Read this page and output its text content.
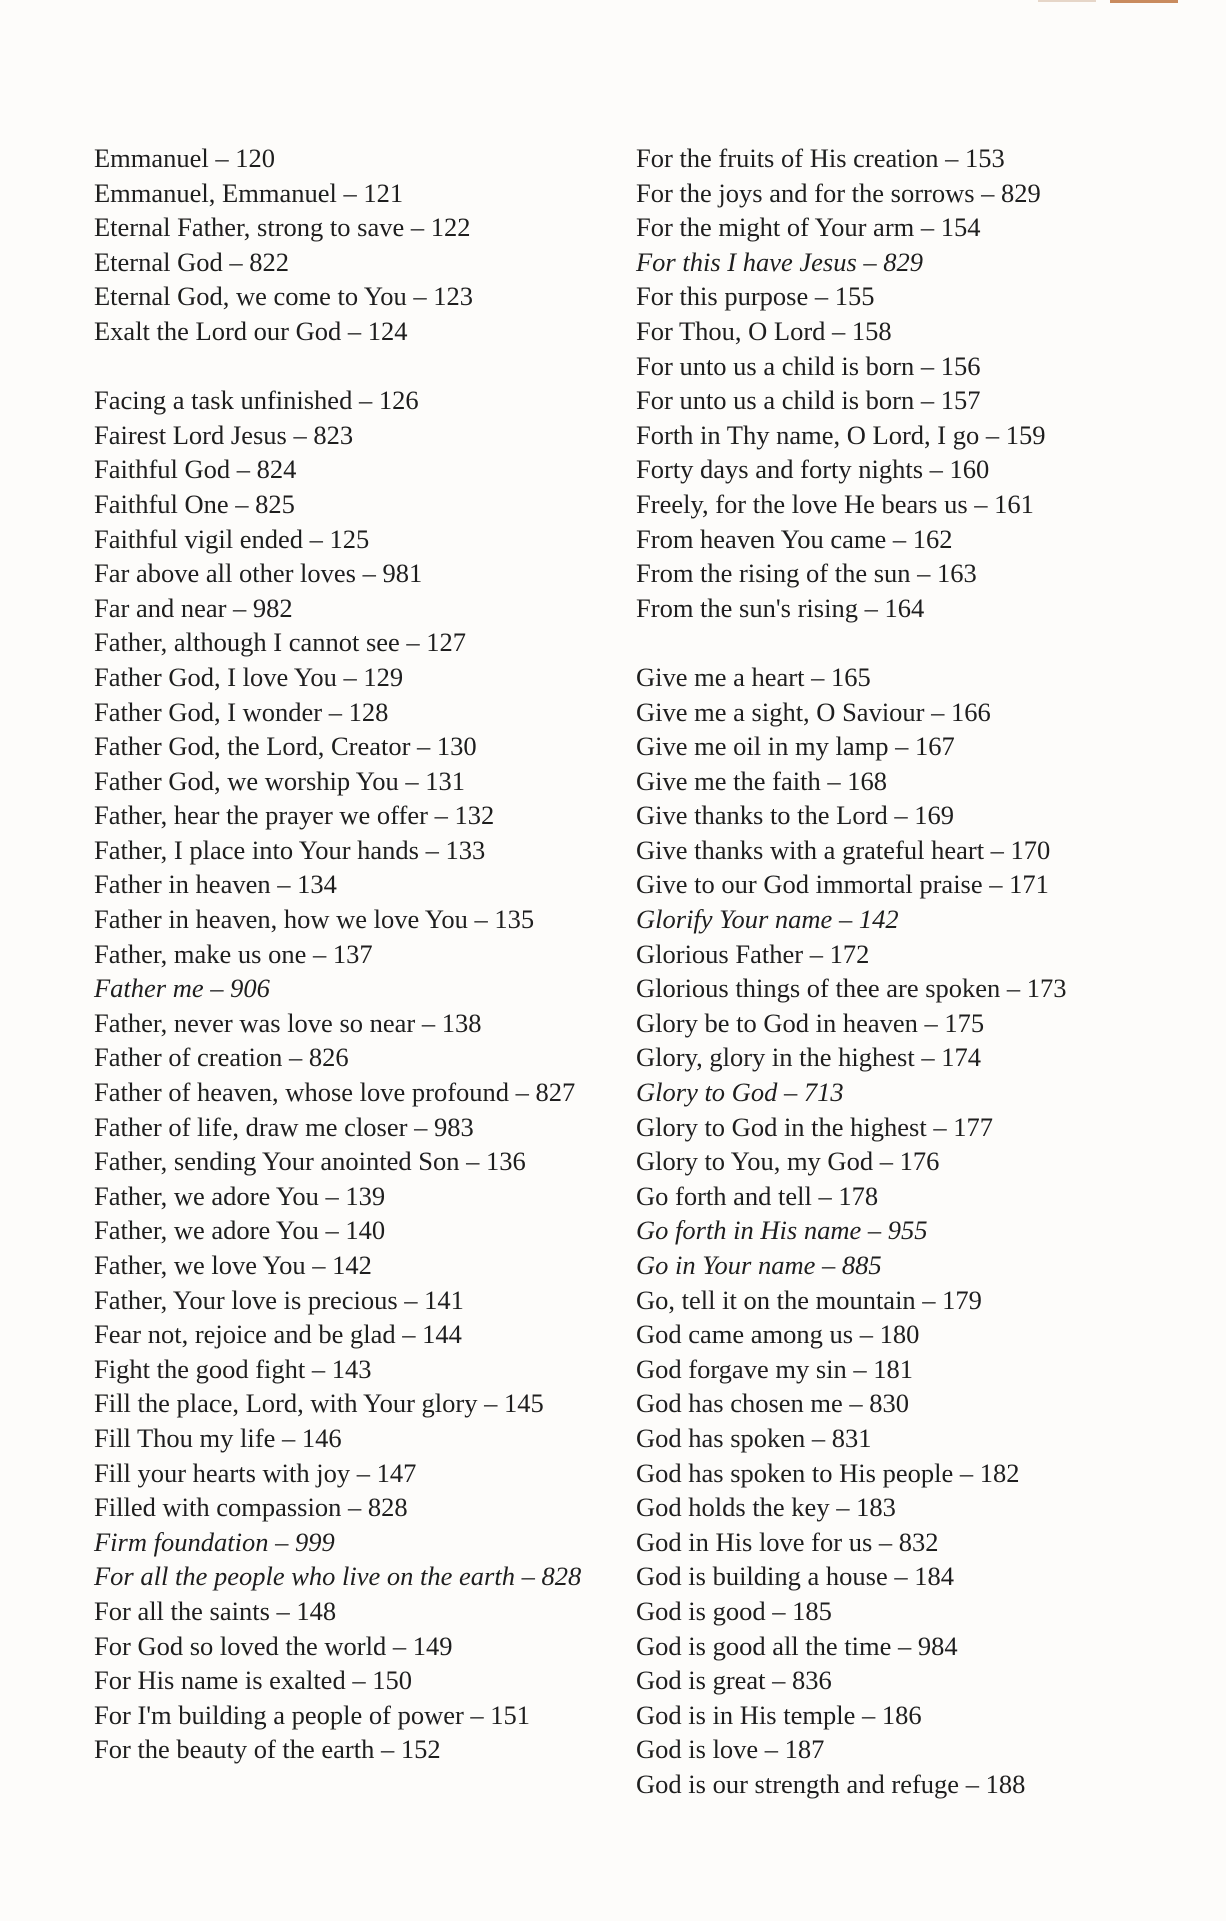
Emmanuel – 120
Emmanuel, Emmanuel – 121
Eternal Father, strong to save – 122
Eternal God – 822
Eternal God, we come to You – 123
Exalt the Lord our God – 124
Facing a task unfinished – 126
Fairest Lord Jesus – 823
Faithful God – 824
Faithful One – 825
Faithful vigil ended – 125
Far above all other loves – 981
Far and near – 982
Father, although I cannot see – 127
Father God, I love You – 129
Father God, I wonder – 128
Father God, the Lord, Creator – 130
Father God, we worship You – 131
Father, hear the prayer we offer – 132
Father, I place into Your hands – 133
Father in heaven – 134
Father in heaven, how we love You – 135
Father, make us one – 137
Father me – 906
Father, never was love so near – 138
Father of creation – 826
Father of heaven, whose love profound – 827
Father of life, draw me closer – 983
Father, sending Your anointed Son – 136
Father, we adore You – 139
Father, we adore You – 140
Father, we love You – 142
Father, Your love is precious – 141
Fear not, rejoice and be glad – 144
Fight the good fight – 143
Fill the place, Lord, with Your glory – 145
Fill Thou my life – 146
Fill your hearts with joy – 147
Filled with compassion – 828
Firm foundation – 999
For all the people who live on the earth – 828
For all the saints – 148
For God so loved the world – 149
For His name is exalted – 150
For I'm building a people of power – 151
For the beauty of the earth – 152
For the fruits of His creation – 153
For the joys and for the sorrows – 829
For the might of Your arm – 154
For this I have Jesus – 829
For this purpose – 155
For Thou, O Lord – 158
For unto us a child is born – 156
For unto us a child is born – 157
Forth in Thy name, O Lord, I go – 159
Forty days and forty nights – 160
Freely, for the love He bears us – 161
From heaven You came – 162
From the rising of the sun – 163
From the sun's rising – 164
Give me a heart – 165
Give me a sight, O Saviour – 166
Give me oil in my lamp – 167
Give me the faith – 168
Give thanks to the Lord – 169
Give thanks with a grateful heart – 170
Give to our God immortal praise – 171
Glorify Your name – 142
Glorious Father – 172
Glorious things of thee are spoken – 173
Glory be to God in heaven – 175
Glory, glory in the highest – 174
Glory to God – 713
Glory to God in the highest – 177
Glory to You, my God – 176
Go forth and tell – 178
Go forth in His name – 955
Go in Your name – 885
Go, tell it on the mountain – 179
God came among us – 180
God forgave my sin – 181
God has chosen me – 830
God has spoken – 831
God has spoken to His people – 182
God holds the key – 183
God in His love for us – 832
God is building a house – 184
God is good – 185
God is good all the time – 984
God is great – 836
God is in His temple – 186
God is love – 187
God is our strength and refuge – 188
